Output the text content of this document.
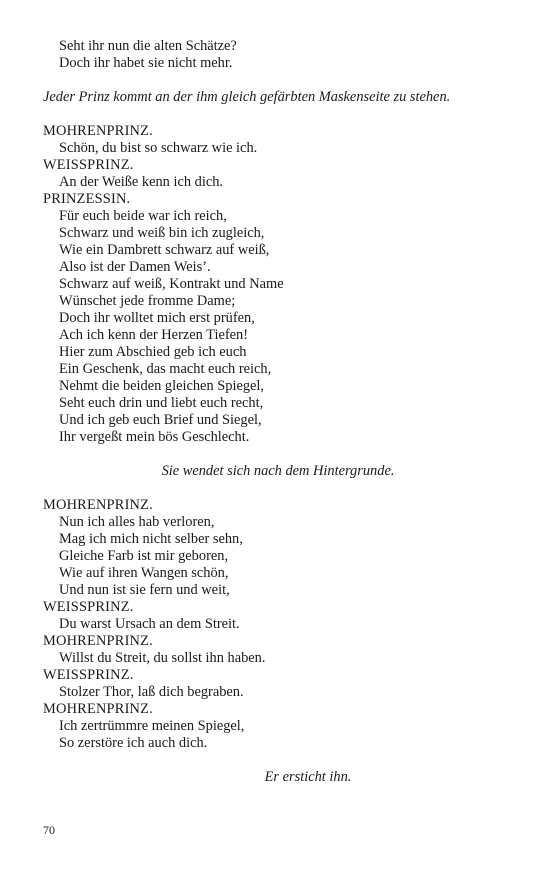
Seht ihr nun die alten Schätze?
Doch ihr habet sie nicht mehr.
Jeder Prinz kommt an der ihm gleich gefärbten Maskenseite zu stehen.
MOHRENPRINZ.
Schön, du bist so schwarz wie ich.
WEISSPRINZ.
An der Weiße kenn ich dich.
PRINZESSIN.
Für euch beide war ich reich,
Schwarz und weiß bin ich zugleich,
Wie ein Dambrett schwarz auf weiß,
Also ist der Damen Weis’.
Schwarz auf weiß, Kontrakt und Name
Wünschet jede fromme Dame;
Doch ihr wolltet mich erst prüfen,
Ach ich kenn der Herzen Tiefen!
Hier zum Abschied geb ich euch
Ein Geschenk, das macht euch reich,
Nehmt die beiden gleichen Spiegel,
Seht euch drin und liebt euch recht,
Und ich geb euch Brief und Siegel,
Ihr vergeßt mein bös Geschlecht.
Sie wendet sich nach dem Hintergrunde.
MOHRENPRINZ.
Nun ich alles hab verloren,
Mag ich mich nicht selber sehn,
Gleiche Farb ist mir geboren,
Wie auf ihren Wangen schön,
Und nun ist sie fern und weit,
WEISSPRINZ.
Du warst Ursach an dem Streit.
MOHRENPRINZ.
Willst du Streit, du sollst ihn haben.
WEISSPRINZ.
Stolzer Thor, laß dich begraben.
MOHRENPRINZ.
Ich zertrümmre meinen Spiegel,
So zerstöre ich auch dich.
Er ersticht ihn.
70
